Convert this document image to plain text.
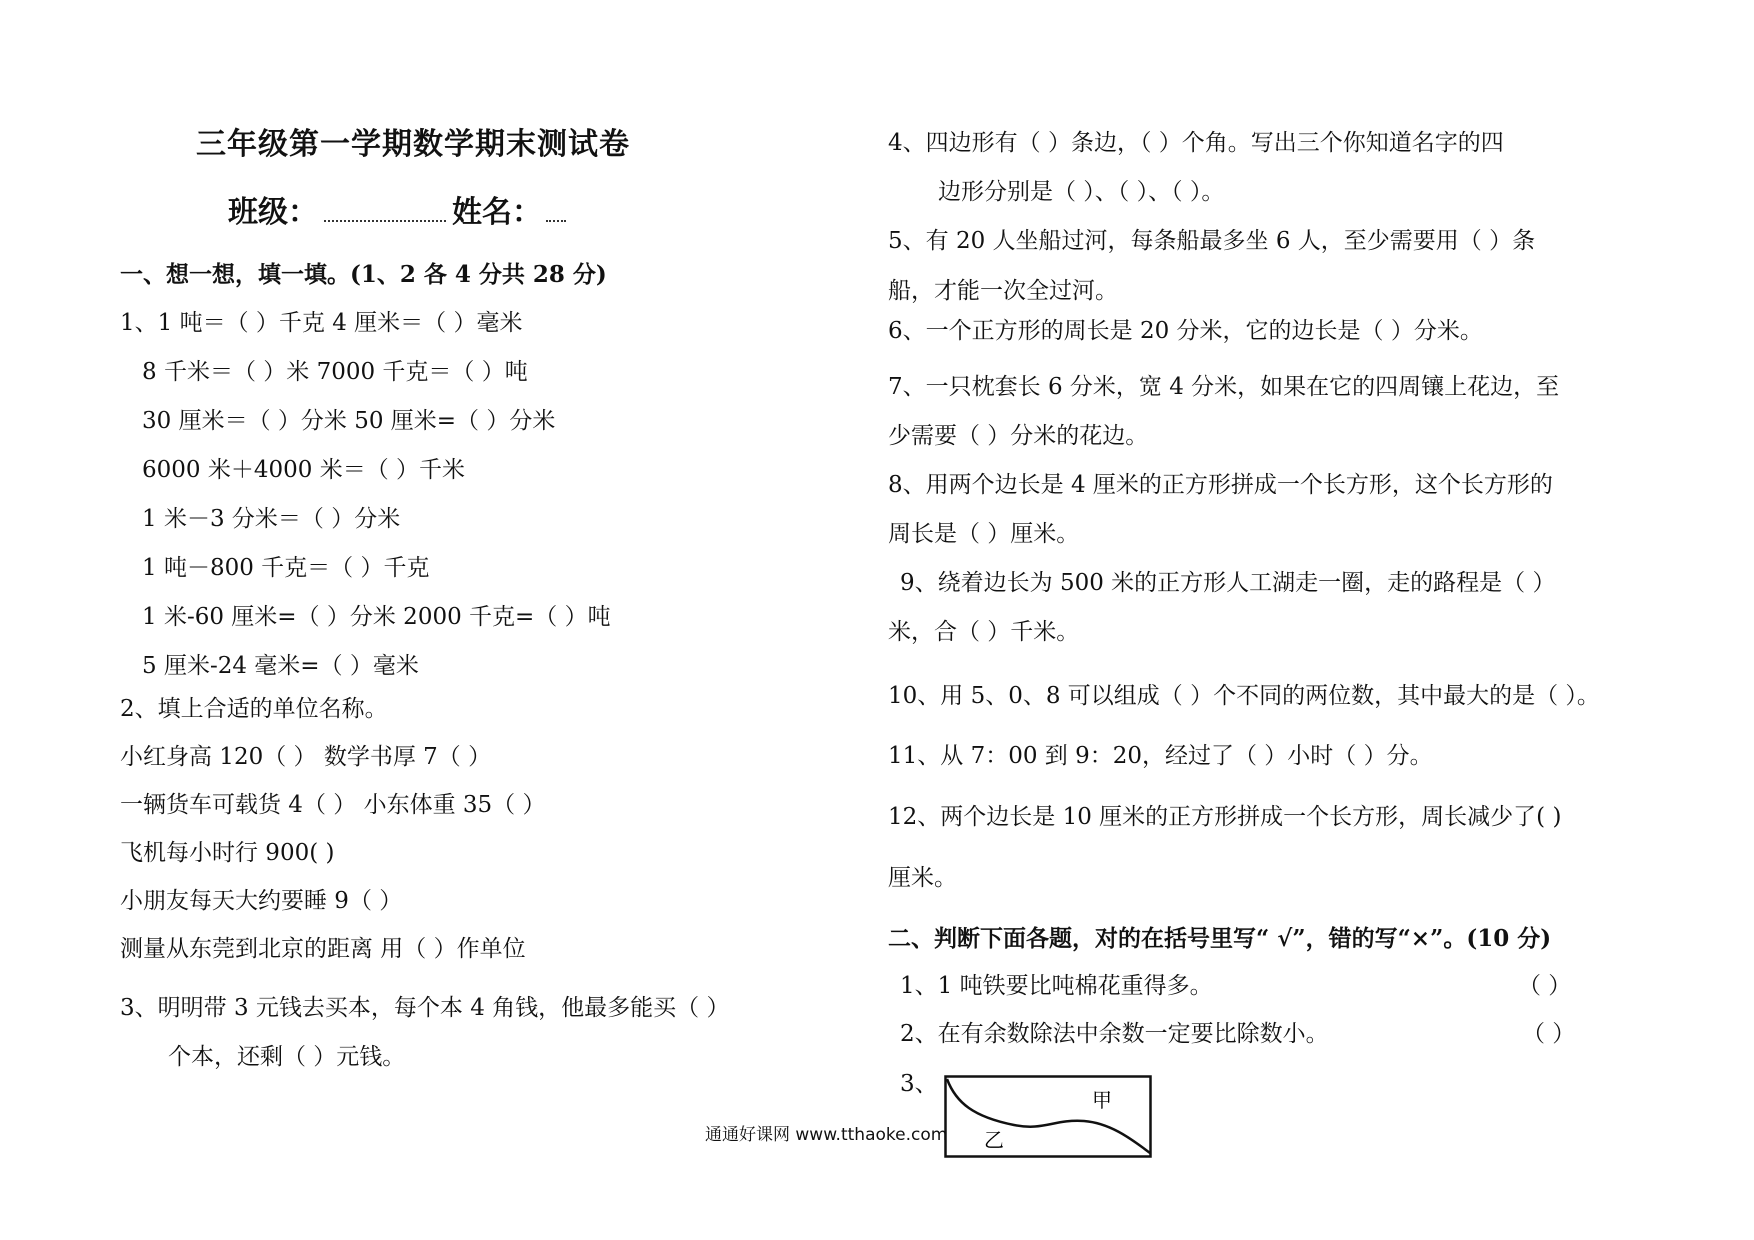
三年级第一学期数学期末测试卷
班级：	姓名：
一、想一想，填一填。(1、2 各 4 分共 28 分)
1、1 吨＝（ ）千克 4 厘米＝（ ）毫米
8 千米＝（ ）米 7000 千克＝（ ）吨
30 厘米＝（ ）分米 50 厘米=（ ）分米
6000 米＋4000 米＝（ ）千米
1 米－3 分米＝（ ）分米
1 吨－800 千克＝（ ）千克
1 米-60 厘米=（ ）分米 2000 千克=（ ）吨
5 厘米-24 毫米=（ ）毫米
2、填上合适的单位名称。
小红身高 120（ ） 数学书厚 7（ ）
一辆货车可载货 4（ ） 小东体重 35（ ）
飞机每小时行 900( )
小朋友每天大约要睡 9（ ）
测量从东莞到北京的距离 用（ ）作单位
3、明明带 3 元钱去买本，每个本 4 角钱，他最多能买（ ）
个本，还剩（ ）元钱。
4、四边形有（ ）条边，（ ）个角。写出三个你知道名字的四
边形分别是（ ）、（ ）、（ ）。
5、有 20 人坐船过河，每条船最多坐 6 人，至少需要用（ ）条
船，才能一次全过河。
6、一个正方形的周长是 20 分米，它的边长是（ ）分米。
7、一只枕套长 6 分米，宽 4 分米，如果在它的四周镶上花边，至
少需要（ ）分米的花边。
8、用两个边长是 4 厘米的正方形拼成一个长方形，这个长方形的
周长是（ ）厘米。
9、绕着边长为 500 米的正方形人工湖走一圈，走的路程是（ ）
米，合（ ）千米。
10、用 5、0、8 可以组成（ ）个不同的两位数，其中最大的是（ ）。
11、从 7：00 到 9：20，经过了（ ）小时（ ）分。
12、两个边长是 10 厘米的正方形拼成一个长方形，周长减少了( )
厘米。
二、判断下面各题，对的在括号里写“ √”，错的写“×”。(10 分)
1、1 吨铁要比吨棉花重得多。	（ ）
2、在有余数除法中余数一定要比除数小。	（ ）
3、
甲
乙
通通好课网 www.tthaoke.com
